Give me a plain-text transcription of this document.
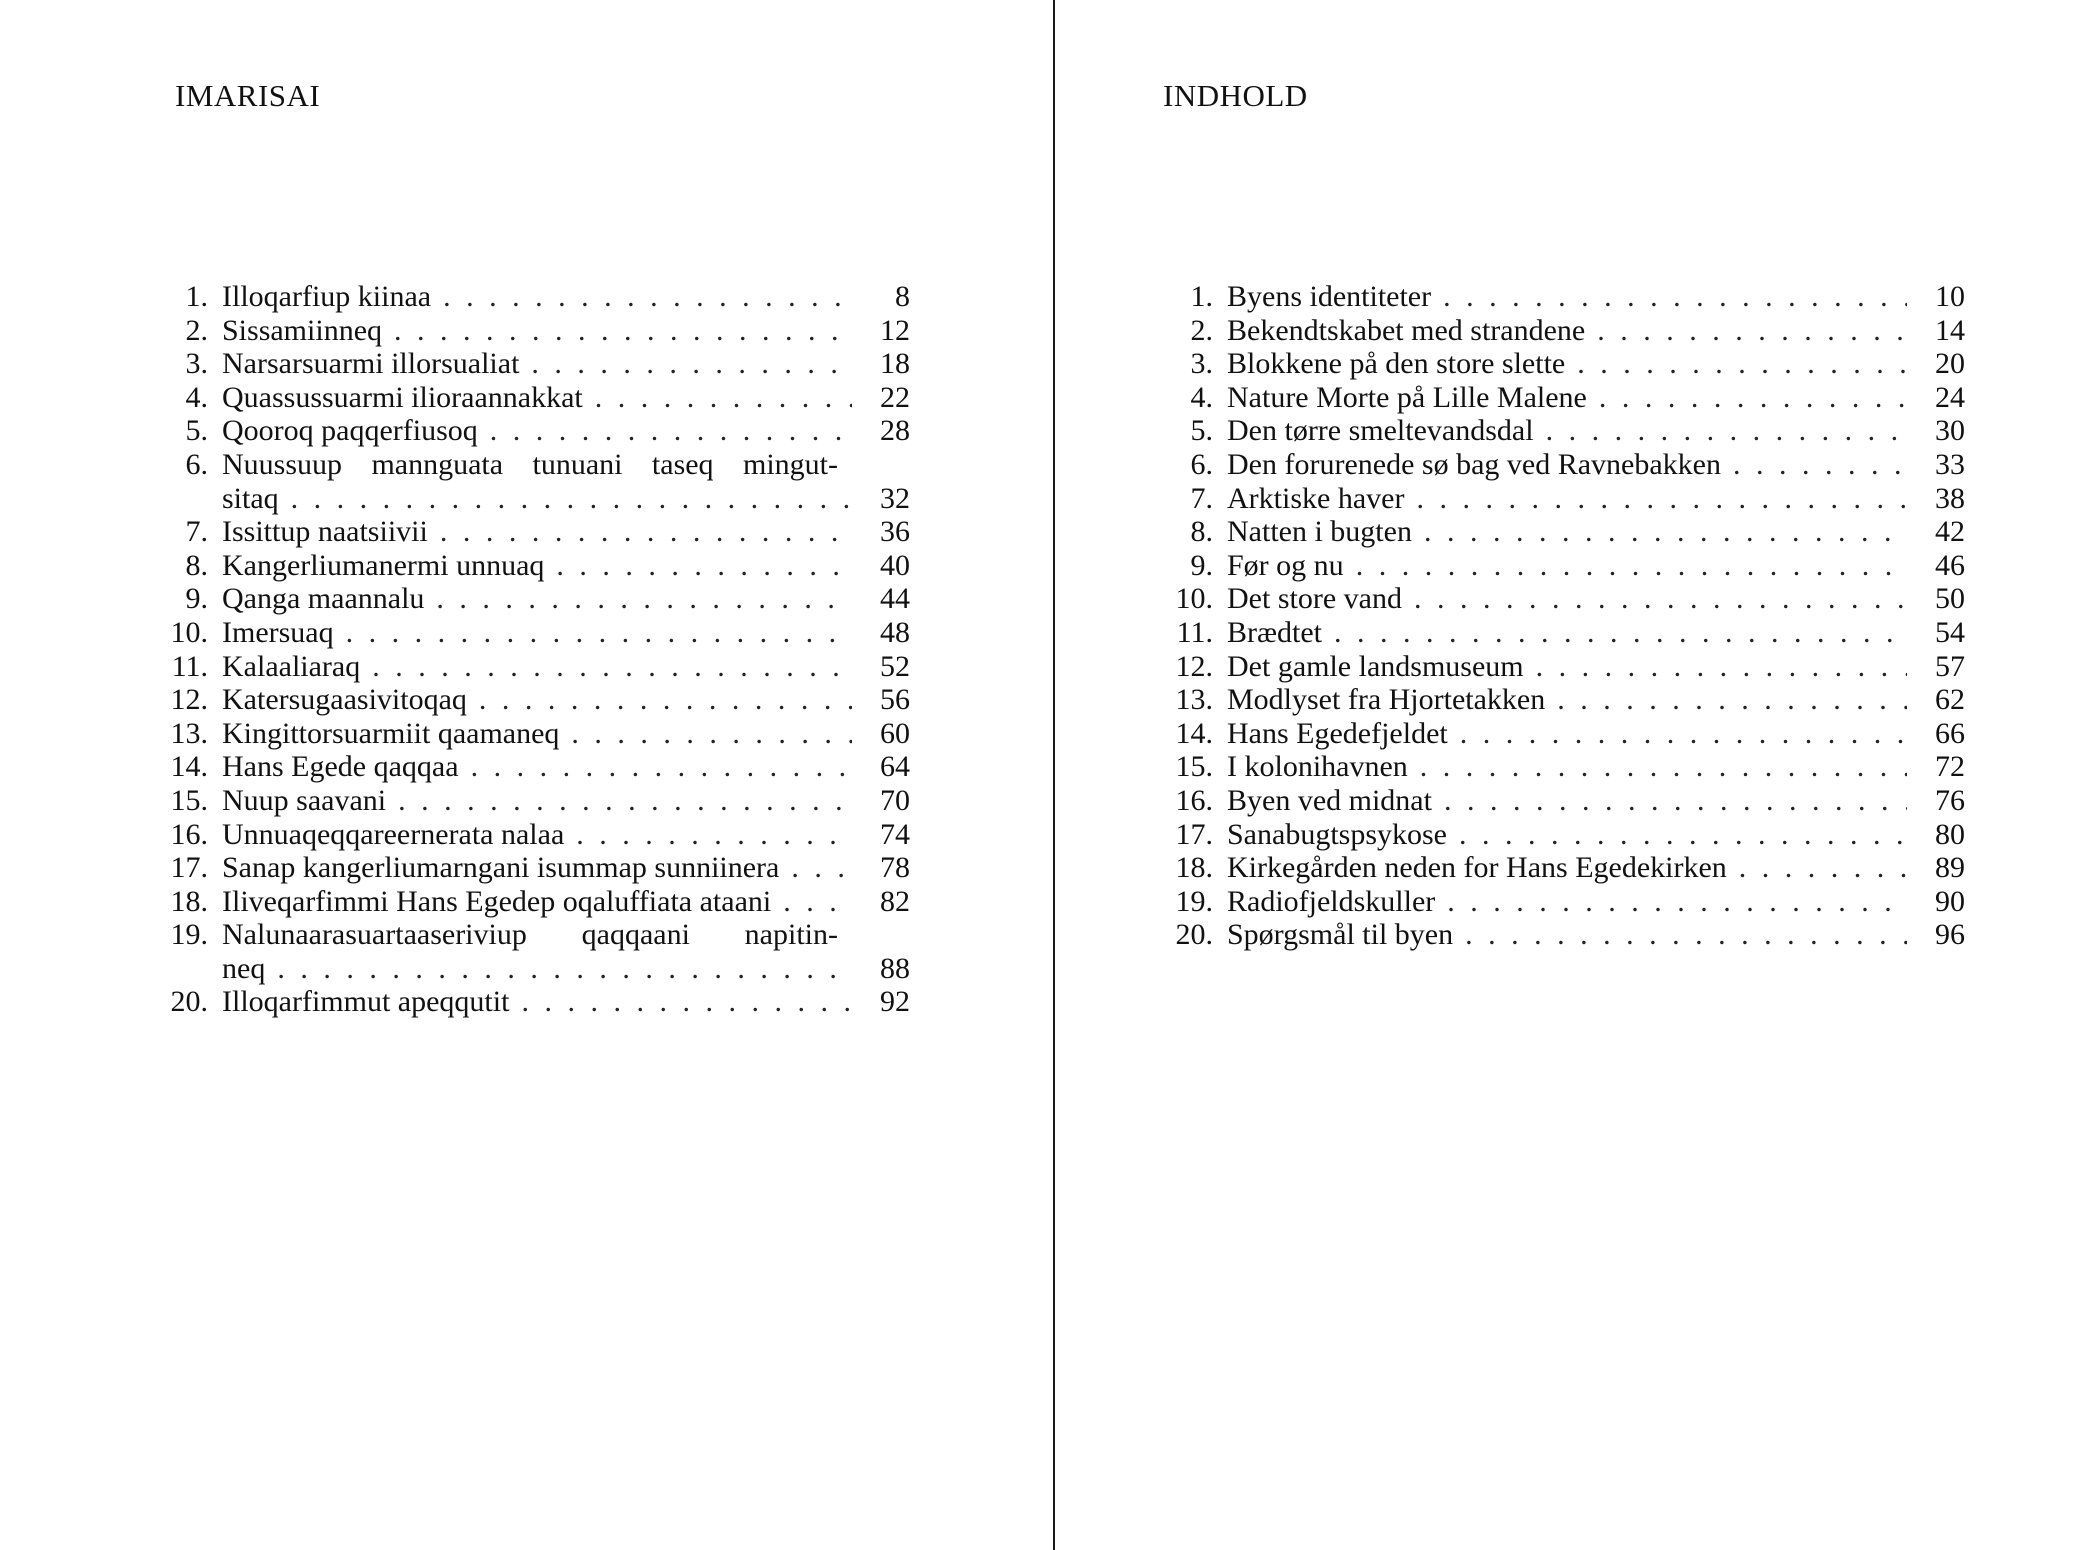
IMARISAI
1. Illoqarfiup kiinaa . . .	8
2. Sissamiinneq . . .	12
3. Narsarsuarmi illorsualiat . . .	18
4. Quassussuarmi ilioraannakkat . . .	22
5. Qooroq paqqerfiusoq . . .	28
6. Nuussuup mannguata tunuani taseq mingut-
sitaq . . .	32
7. Issittup naatsiivii . . .	36
8. Kangerliumanermi unnuaq . . .	40
9. Qanga maannalu . . .	44
10. Imersuaq . . .	48
11. Kalaaliaraq . . .	52
12. Katersugaasivitoqaq . . .	56
13. Kingittorsuarmiit qaamaneq . . .	60
14. Hans Egede qaqqaa . . .	64
15. Nuup saavani . . .	70
16. Unnuaqeqqareernerata nalaa . . .	74
17. Sanap kangerliumarngani isummap sunniinera . . .	78
18. Iliveqarfimmi Hans Egedep oqaluffiata ataani . . .	82
19. Nalunaarasuartaaseriviup qaqqaani napitin-
neq . . .	88
20. Illoqarfimmut apeqqutit . . .	92
INDHOLD
1. Byens identiteter . . .	10
2. Bekendtskabet med strandene . . .	14
3. Blokkene på den store slette . . .	20
4. Nature Morte på Lille Malene . . .	24
5. Den tørre smeltevandsdal . . .	30
6. Den forurenede sø bag ved Ravnebakken . . .	33
7. Arktiske haver . . .	38
8. Natten i bugten . . .	42
9. Før og nu . . .	46
10. Det store vand . . .	50
11. Brædtet . . .	54
12. Det gamle landsmuseum . . .	57
13. Modlyset fra Hjortetakken . . .	62
14. Hans Egedefjeldet . . .	66
15. I kolonihavnen . . .	72
16. Byen ved midnat . . .	76
17. Sanabugtspsykose . . .	80
18. Kirkegården neden for Hans Egedekirken . . .	89
19. Radiofjeldskuller . . .	90
20. Spørgsmål til byen . . .	96
